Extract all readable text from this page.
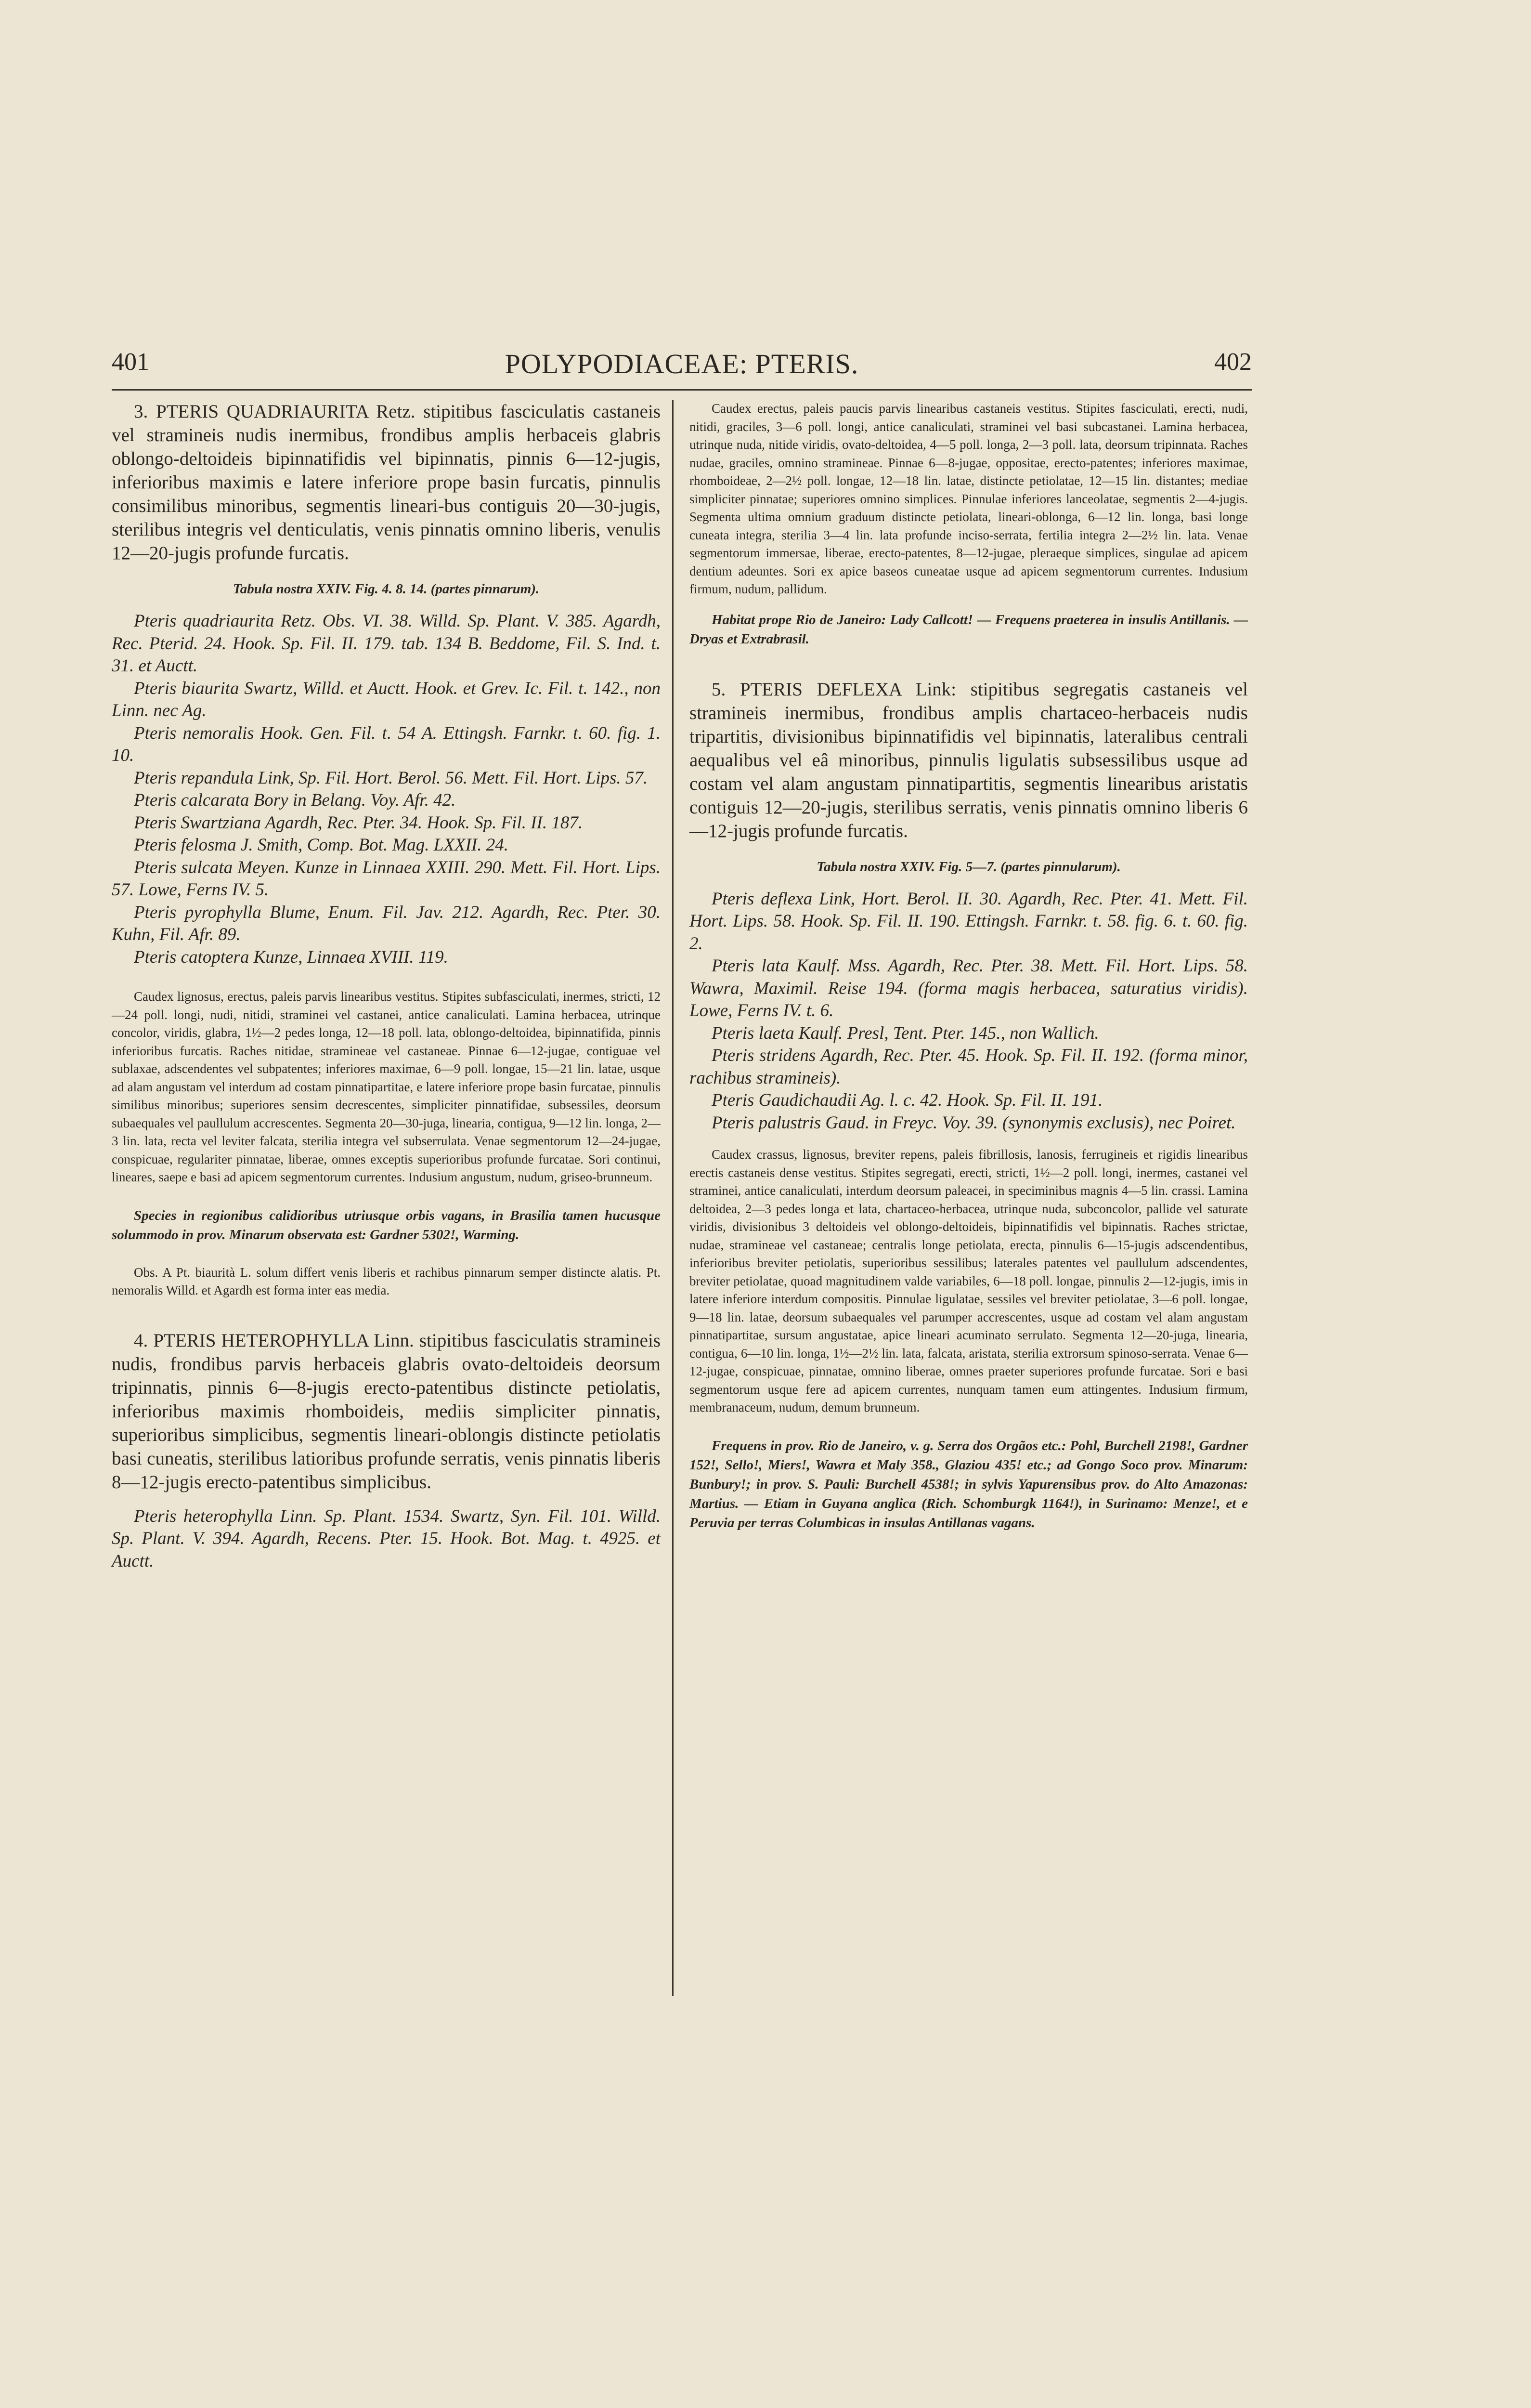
401	POLYPODIACEAE: PTERIS.	402

3. PTERIS QUADRIAURITA Retz. stipitibus fasciculatis castaneis vel stramineis nudis inermibus, frondibus amplis herbaceis glabris oblongo-deltoideis bipinnatifidis vel bipinnatis, pinnis 6—12-jugis, inferioribus maximis e latere inferiore prope basin furcatis, pinnulis consimilibus minoribus, segmentis lineari-bus contiguis 20—30-jugis, sterilibus integris vel denticulatis, venis pinnatis omnino liberis, venulis 12—20-jugis profunde furcatis.

Tabula nostra XXIV. Fig. 4. 8. 14. (partes pinnarum).

Pteris quadriaurita Retz. Obs. VI. 38. Willd. Sp. Plant. V. 385. Agardh, Rec. Pterid. 24. Hook. Sp. Fil. II. 179. tab. 134 B. Beddome, Fil. S. Ind. t. 31. et Auctt.

Pteris biaurita Swartz, Willd. et Auctt. Hook. et Grev. Ic. Fil. t. 142., non Linn. nec Ag.

Pteris nemoralis Hook. Gen. Fil. t. 54 A. Ettingsh. Farnkr. t. 60. fig. 1. 10.

Pteris repandula Link, Sp. Fil. Hort. Berol. 56. Mett. Fil. Hort. Lips. 57.

Pteris calcarata Bory in Belang. Voy. Afr. 42.

Pteris Swartziana Agardh, Rec. Pter. 34. Hook. Sp. Fil. II. 187.

Pteris felosma J. Smith, Comp. Bot. Mag. LXXII. 24.

Pteris sulcata Meyen. Kunze in Linnaea XXIII. 290. Mett. Fil. Hort. Lips. 57. Lowe, Ferns IV. 5.

Pteris pyrophylla Blume, Enum. Fil. Jav. 212. Agardh, Rec. Pter. 30. Kuhn, Fil. Afr. 89.

Pteris catoptera Kunze, Linnaea XVIII. 119.

Caudex lignosus, erectus, paleis parvis linearibus vestitus. Stipites subfasciculati, inermes, stricti, 12—24 poll. longi, nudi, nitidi, straminei vel castanei, antice canaliculati. Lamina herbacea, utrinque concolor, viridis, glabra, 1½—2 pedes longa, 12—18 poll. lata, oblongo-deltoidea, bipinnatifida, pinnis inferioribus furcatis. Raches nitidae, stramineae vel castaneae. Pinnae 6—12-jugae, contiguae vel sublaxae, adscendentes vel subpatentes; inferiores maximae, 6—9 poll. longae, 15—21 lin. latae, usque ad alam angustam vel interdum ad costam pinnatipartitae, e latere inferiore prope basin furcatae, pinnulis similibus minoribus; superiores sensim decrescentes, simpliciter pinnatifidae, subsessiles, deorsum subaequales vel paullulum accrescentes. Segmenta 20—30-juga, linearia, contigua, 9—12 lin. longa, 2—3 lin. lata, recta vel leviter falcata, sterilia integra vel subserrulata. Venae segmentorum 12—24-jugae, conspicuae, regulariter pinnatae, liberae, omnes exceptis superioribus profunde furcatae. Sori continui, lineares, saepe e basi ad apicem segmentorum currentes. Indusium angustum, nudum, griseo-brunneum.

Species in regionibus calidioribus utriusque orbis vagans, in Brasilia tamen hucusque solummodo in prov. Minarum observata est: Gardner 5302!, Warming.

Obs. A Pt. biaurità L. solum differt venis liberis et rachibus pinnarum semper distincte alatis. Pt. nemoralis Willd. et Agardh est forma inter eas media.

4. PTERIS HETEROPHYLLA Linn. stipitibus fasciculatis stramineis nudis, frondibus parvis herbaceis glabris ovato-deltoideis deorsum tripinnatis, pinnis 6—8-jugis erecto-patentibus distincte petiolatis, inferioribus maximis rhomboideis, mediis simpliciter pinnatis, superioribus simplicibus, segmentis lineari-oblongis distincte petiolatis basi cuneatis, sterilibus latioribus profunde serratis, venis pinnatis liberis 8—12-jugis erecto-patentibus simplicibus.

Pteris heterophylla Linn. Sp. Plant. 1534. Swartz, Syn. Fil. 101. Willd. Sp. Plant. V. 394. Agardh, Recens. Pter. 15. Hook. Bot. Mag. t. 4925. et Auctt.

Caudex erectus, paleis paucis parvis linearibus castaneis vestitus. Stipites fasciculati, erecti, nudi, nitidi, graciles, 3—6 poll. longi, antice canaliculati, straminei vel basi subcastanei. Lamina herbacea, utrinque nuda, nitide viridis, ovato-deltoidea, 4—5 poll. longa, 2—3 poll. lata, deorsum tripinnata. Raches nudae, graciles, omnino stramineae. Pinnae 6—8-jugae, oppositae, erecto-patentes; inferiores maximae, rhomboideae, 2—2½ poll. longae, 12—18 lin. latae, distincte petiolatae, 12—15 lin. distantes; mediae simpliciter pinnatae; superiores omnino simplices. Pinnulae inferiores lanceolatae, segmentis 2—4-jugis. Segmenta ultima omnium graduum distincte petiolata, lineari-oblonga, 6—12 lin. longa, basi longe cuneata integra, sterilia 3—4 lin. lata profunde inciso-serrata, fertilia integra 2—2½ lin. lata. Venae segmentorum immersae, liberae, erecto-patentes, 8—12-jugae, pleraeque simplices, singulae ad apicem dentium adeuntes. Sori ex apice baseos cuneatae usque ad apicem segmentorum currentes. Indusium firmum, nudum, pallidum.

Habitat prope Rio de Janeiro: Lady Callcott! — Frequens praeterea in insulis Antillanis. — Dryas et Extrabrasil.

5. PTERIS DEFLEXA Link: stipitibus segregatis castaneis vel stramineis inermibus, frondibus amplis chartaceo-herbaceis nudis tripartitis, divisionibus bipinnatifidis vel bipinnatis, lateralibus centrali aequalibus vel eâ minoribus, pinnulis ligulatis subsessilibus usque ad costam vel alam angustam pinnatipartitis, segmentis linearibus aristatis contiguis 12—20-jugis, sterilibus serratis, venis pinnatis omnino liberis 6—12-jugis profunde furcatis.

Tabula nostra XXIV. Fig. 5—7. (partes pinnularum).

Pteris deflexa Link, Hort. Berol. II. 30. Agardh, Rec. Pter. 41. Mett. Fil. Hort. Lips. 58. Hook. Sp. Fil. II. 190. Ettingsh. Farnkr. t. 58. fig. 6. t. 60. fig. 2.

Pteris lata Kaulf. Mss. Agardh, Rec. Pter. 38. Mett. Fil. Hort. Lips. 58. Wawra, Maximil. Reise 194. (forma magis herbacea, saturatius viridis). Lowe, Ferns IV. t. 6.

Pteris laeta Kaulf. Presl, Tent. Pter. 145., non Wallich.

Pteris stridens Agardh, Rec. Pter. 45. Hook. Sp. Fil. II. 192. (forma minor, rachibus stramineis).

Pteris Gaudichaudii Ag. l. c. 42. Hook. Sp. Fil. II. 191.

Pteris palustris Gaud. in Freyc. Voy. 39. (synonymis exclusis), nec Poiret.

Caudex crassus, lignosus, breviter repens, paleis fibrillosis, lanosis, ferrugineis et rigidis linearibus erectis castaneis dense vestitus. Stipites segregati, erecti, stricti, 1½—2 poll. longi, inermes, castanei vel straminei, antice canaliculati, interdum deorsum paleacei, in speciminibus magnis 4—5 lin. crassi. Lamina deltoidea, 2—3 pedes longa et lata, chartaceo-herbacea, utrinque nuda, subconcolor, pallide vel saturate viridis, divisionibus 3 deltoideis vel oblongo-deltoideis, bipinnatifidis vel bipinnatis. Raches strictae, nudae, stramineae vel castaneae; centralis longe petiolata, erecta, pinnulis 6—15-jugis adscendentibus, inferioribus breviter petiolatis, superioribus sessilibus; laterales patentes vel paullulum adscendentes, breviter petiolatae, quoad magnitudinem valde variabiles, 6—18 poll. longae, pinnulis 2—12-jugis, imis in latere inferiore interdum compositis. Pinnulae ligulatae, sessiles vel breviter petiolatae, 3—6 poll. longae, 9—18 lin. latae, deorsum subaequales vel parumper accrescentes, usque ad costam vel alam angustam pinnatipartitae, sursum angustatae, apice lineari acuminato serrulato. Segmenta 12—20-juga, linearia, contigua, 6—10 lin. longa, 1½—2½ lin. lata, falcata, aristata, sterilia extrorsum spinoso-serrata. Venae 6—12-jugae, conspicuae, pinnatae, omnino liberae, omnes praeter superiores profunde furcatae. Sori e basi segmentorum usque fere ad apicem currentes, nunquam tamen eum attingentes. Indusium firmum, membranaceum, nudum, demum brunneum.

Frequens in prov. Rio de Janeiro, v. g. Serra dos Orgãos etc.: Pohl, Burchell 2198!, Gardner 152!, Sello!, Miers!, Wawra et Maly 358., Glaziou 435! etc.; ad Gongo Soco prov. Minarum: Bunbury!; in prov. S. Pauli: Burchell 4538!; in sylvis Yapurensibus prov. do Alto Amazonas: Martius. — Etiam in Guyana anglica (Rich. Schomburgk 1164!), in Surinamo: Menze!, et e Peruvia per terras Columbicas in insulas Antillanas vagans.
